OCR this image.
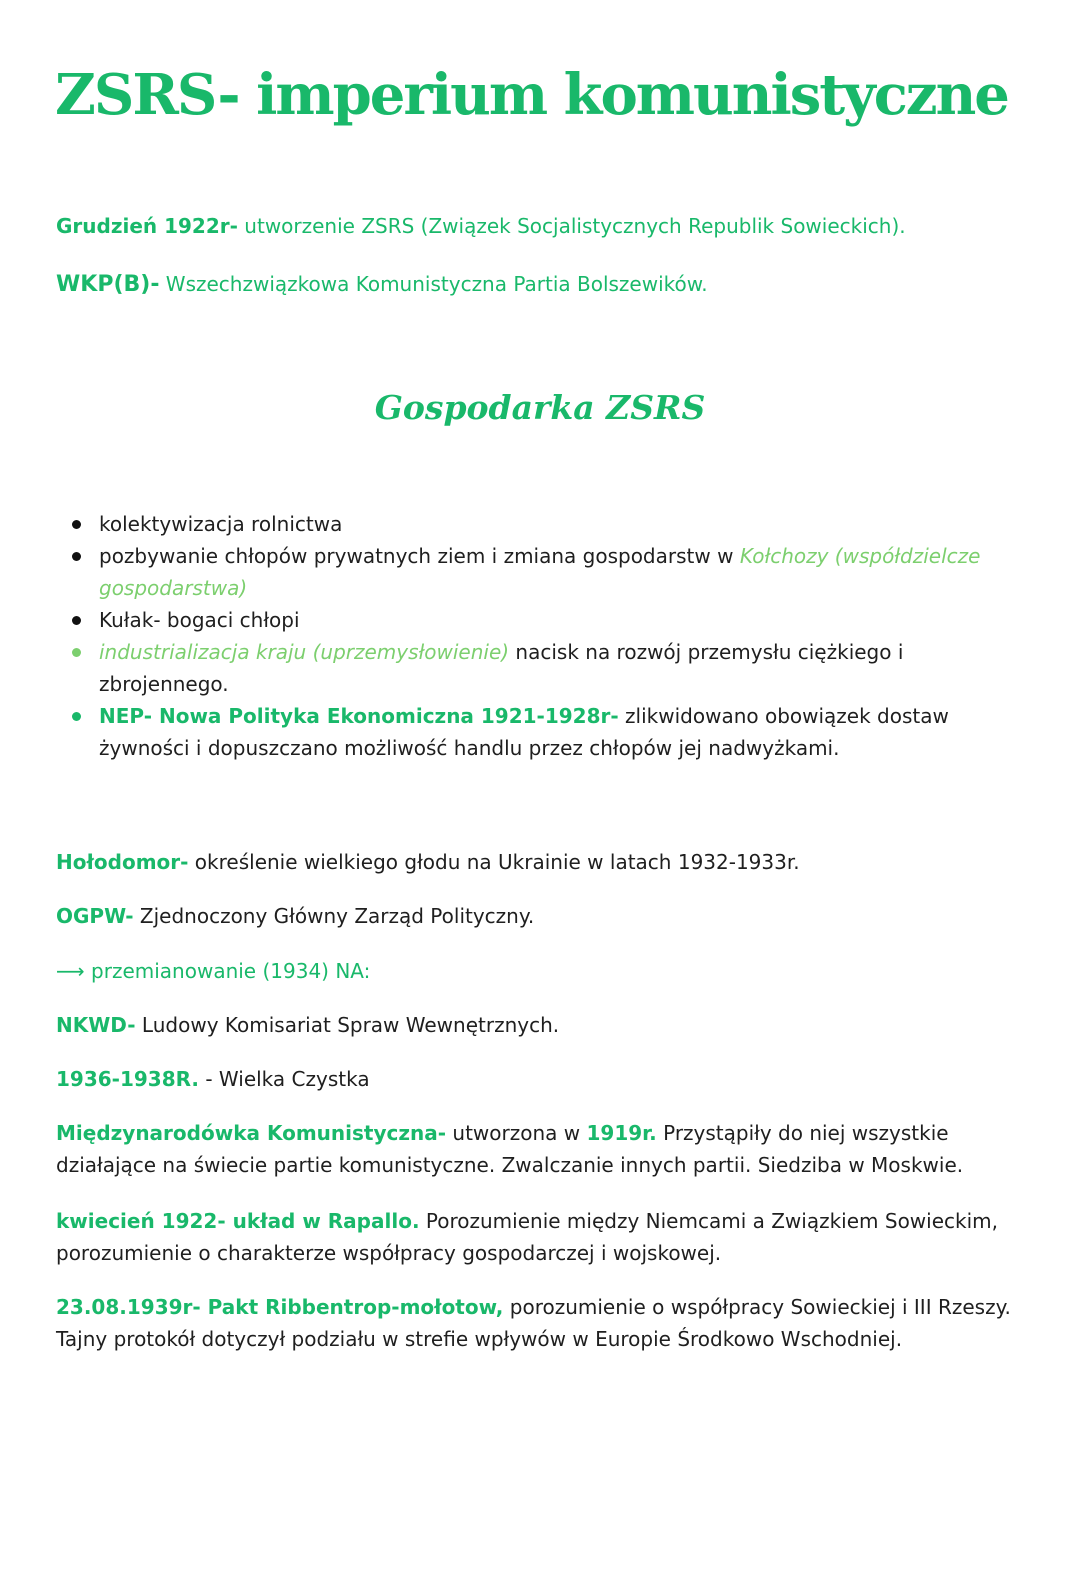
ZSRS- imperium komunistyczne

Grudzień 1922r- utworzenie ZSRS (Związek Socjalistycznych Republik Sowieckich).

WKP(B)- Wszechzwiązkowa Komunistyczna Partia Bolszewików.

Gospodarka ZSRS
kolektywizacja rolnictwa
pozbywanie chłopów prywatnych ziem i zmiana gospodarstw w Kołchozy (współdzielcze gospodarstwa)
Kułak- bogaci chłopi
industrializacja kraju (uprzemysłowienie) nacisk na rozwój przemysłu ciężkiego i zbrojennego.
NEP- Nowa Polityka Ekonomiczna 1921-1928r- zlikwidowano obowiązek dostaw żywności i dopuszczano możliwość handlu przez chłopów jej nadwyżkami.

Hołodomor- określenie wielkiego głodu na Ukrainie w latach 1932-1933r.

OGPW- Zjednoczony Główny Zarząd Polityczny.

⟶ przemianowanie (1934) NA:

NKWD- Ludowy Komisariat Spraw Wewnętrznych.

1936-1938R. - Wielka Czystka

Międzynarodówka Komunistyczna- utworzona w 1919r. Przystąpiły do niej wszystkie działające na świecie partie komunistyczne. Zwalczanie innych partii. Siedziba w Moskwie.

kwiecień 1922- układ w Rapallo. Porozumienie między Niemcami a Związkiem Sowieckim, porozumienie o charakterze współpracy gospodarczej i wojskowej.

23.08.1939r- Pakt Ribbentrop-mołotow, porozumienie o współpracy Sowieckiej i III Rzeszy. Tajny protokół dotyczył podziału w strefie wpływów w Europie Środkowo Wschodniej.
